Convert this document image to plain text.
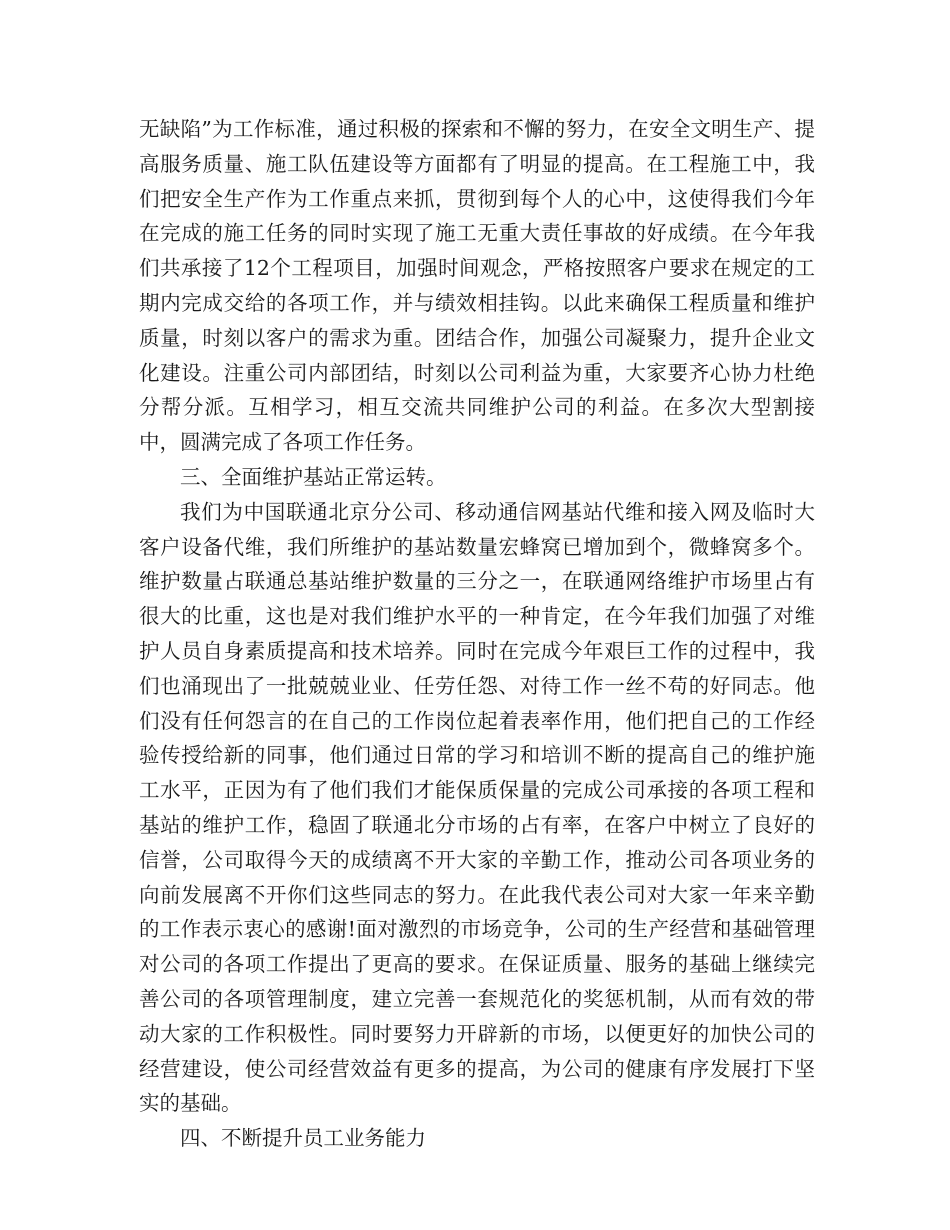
无缺陷”为工作标准，通过积极的探索和不懈的努力，在安全文明生产、提高服务质量、施工队伍建设等方面都有了明显的提高。在工程施工中，我们把安全生产作为工作重点来抓，贯彻到每个人的心中，这使得我们今年在完成的施工任务的同时实现了施工无重大责任事故的好成绩。在今年我们共承接了12个工程项目，加强时间观念，严格按照客户要求在规定的工期内完成交给的各项工作，并与绩效相挂钩。以此来确保工程质量和维护质量，时刻以客户的需求为重。团结合作，加强公司凝聚力，提升企业文化建设。注重公司内部团结，时刻以公司利益为重，大家要齐心协力杜绝分帮分派。互相学习，相互交流共同维护公司的利益。在多次大型割接中，圆满完成了各项工作任务。

三、全面维护基站正常运转。

我们为中国联通北京分公司、移动通信网基站代维和接入网及临时大客户设备代维，我们所维护的基站数量宏蜂窝已增加到个，微蜂窝多个。维护数量占联通总基站维护数量的三分之一，在联通网络维护市场里占有很大的比重，这也是对我们维护水平的一种肯定，在今年我们加强了对维护人员自身素质提高和技术培养。同时在完成今年艰巨工作的过程中，我们也涌现出了一批兢兢业业、任劳任怨、对待工作一丝不苟的好同志。他们没有任何怨言的在自己的工作岗位起着表率作用，他们把自己的工作经验传授给新的同事，他们通过日常的学习和培训不断的提高自己的维护施工水平，正因为有了他们我们才能保质保量的完成公司承接的各项工程和基站的维护工作，稳固了联通北分市场的占有率，在客户中树立了良好的信誉，公司取得今天的成绩离不开大家的辛勤工作，推动公司各项业务的向前发展离不开你们这些同志的努力。在此我代表公司对大家一年来辛勤的工作表示衷心的感谢!面对激烈的市场竞争，公司的生产经营和基础管理对公司的各项工作提出了更高的要求。在保证质量、服务的基础上继续完善公司的各项管理制度，建立完善一套规范化的奖惩机制，从而有效的带动大家的工作积极性。同时要努力开辟新的市场，以便更好的加快公司的经营建设，使公司经营效益有更多的提高，为公司的健康有序发展打下坚实的基础。

四、不断提升员工业务能力
